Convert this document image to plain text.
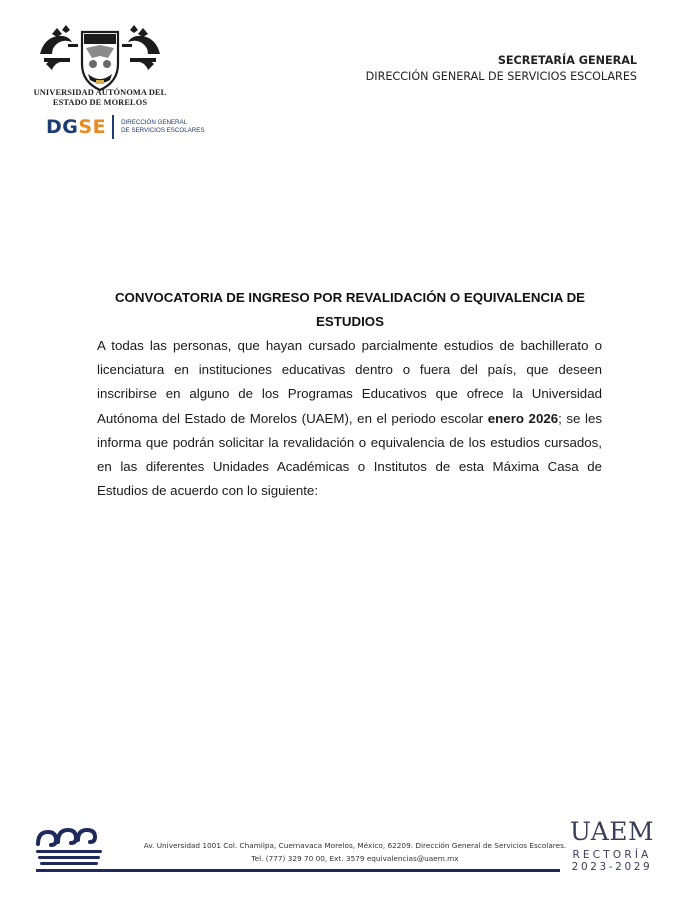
UNIVERSIDAD AUTÓNOMA DEL
ESTADO DE MORELOS
DGSE DIRECCIÓN GENERAL
DE SERVICIOS ESCOLARES
SECRETARÍA GENERAL
DIRECCIÓN GENERAL DE SERVICIOS ESCOLARES
CONVOCATORIA DE INGRESO POR REVALIDACIÓN O EQUIVALENCIA DE
ESTUDIOS

A todas las personas, que hayan cursado parcialmente estudios de bachillerato o licenciatura en instituciones educativas dentro o fuera del país, que deseen inscribirse en alguno de los Programas Educativos que ofrece la Universidad Autónoma del Estado de Morelos (UAEM), en el periodo escolar enero 2026; se les informa que podrán solicitar la revalidación o equivalencia de los estudios cursados, en las diferentes Unidades Académicas o Institutos de esta Máxima Casa de Estudios de acuerdo con lo siguiente:

Av. Universidad 1001 Col. Chamilpa, Cuernavaca Morelos, México, 62209. Dirección General de Servicios Escolares.
Tel. (777) 329 70 00, Ext. 3579 equivalencias@uaem.mx
UAEM
RECTORÍA
2023-2029
